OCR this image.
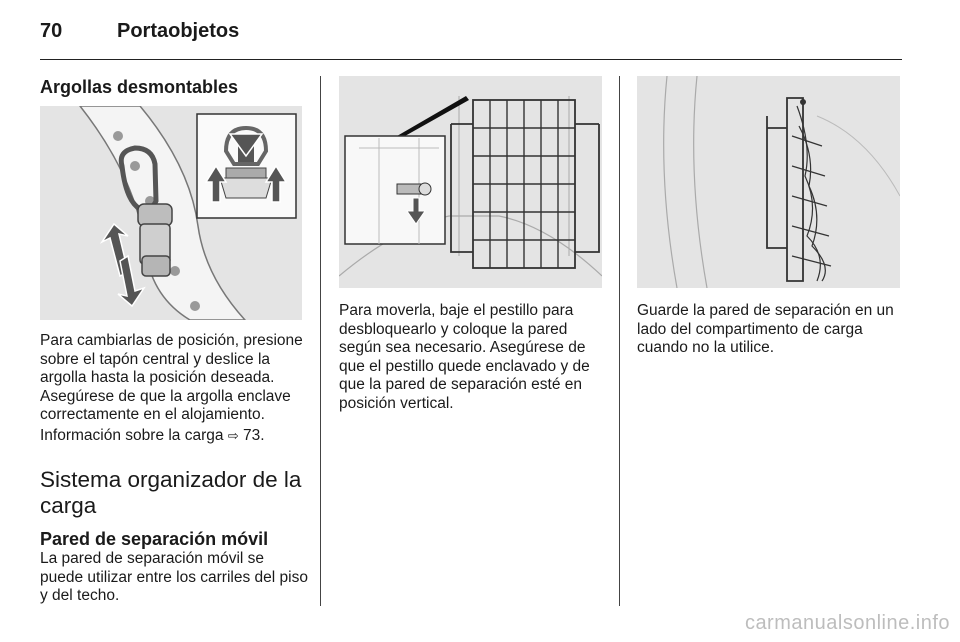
70	Portaobjetos
Argollas desmontables

Para cambiarlas de posición, presione sobre el tapón central y deslice la argolla hasta la posición deseada. Asegúrese de que la argolla enclave correctamente en el alojamiento.

Información sobre la carga ⇨ 73.

Sistema organizador de la carga
Pared de separación móvil

La pared de separación móvil se puede utilizar entre los carriles del piso y del techo.

Para moverla, baje el pestillo para desbloquearlo y coloque la pared según sea necesario. Asegúrese de que el pestillo quede enclavado y de que la pared de separación esté en posición vertical.

Guarde la pared de separación en un lado del compartimento de carga cuando no la utilice.

carmanualsonline.info
